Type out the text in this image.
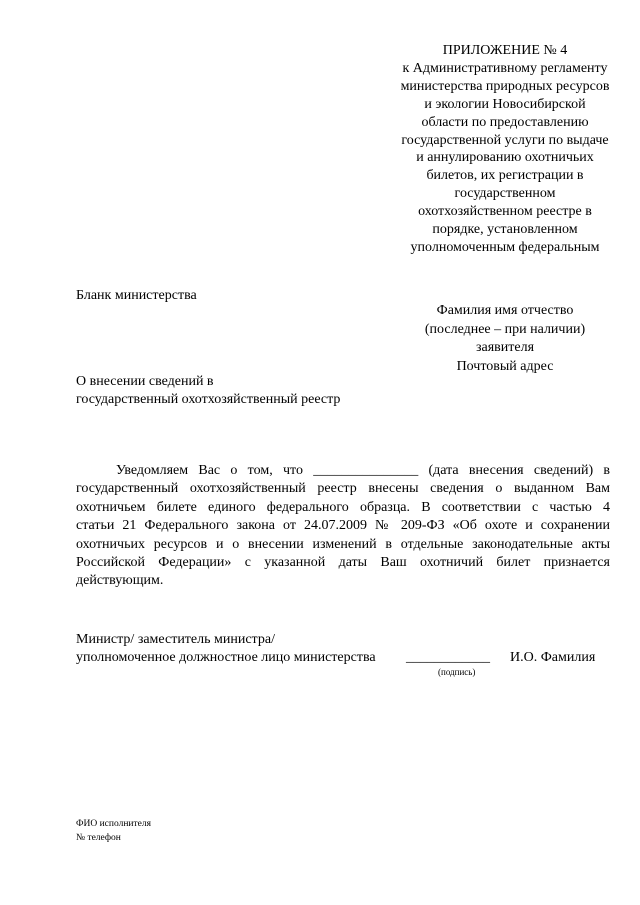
ПРИЛОЖЕНИЕ № 4
к Административному регламенту
министерства природных ресурсов
и экологии Новосибирской
области по предоставлению
государственной услуги по выдаче
и аннулированию охотничьих
билетов, их регистрации в
государственном
охотхозяйственном реестре в
порядке, установленном
уполномоченным федеральным
Бланк министерства
Фамилия имя отчество
(последнее – при наличии)
заявителя
Почтовый адрес
О внесении сведений в
государственный охотхозяйственный реестр
Уведомляем Вас о том, что _______________ (дата внесения сведений) в
государственный охотхозяйственный реестр внесены сведения о выданном Вам
охотничьем билете единого федерального образца. В соответствии с частью 4
статьи 21 Федерального закона от 24.07.2009 № 209-ФЗ «Об охоте и сохранении
охотничьих ресурсов и о внесении изменений в отдельные законодательные акты
Российской Федерации» с указанной даты Ваш охотничий билет признается
действующим.
Министр/ заместитель министра/
уполномоченное должностное лицо министерства ____________ И.О. Фамилия
(подпись)
ФИО исполнителя
№ телефон
